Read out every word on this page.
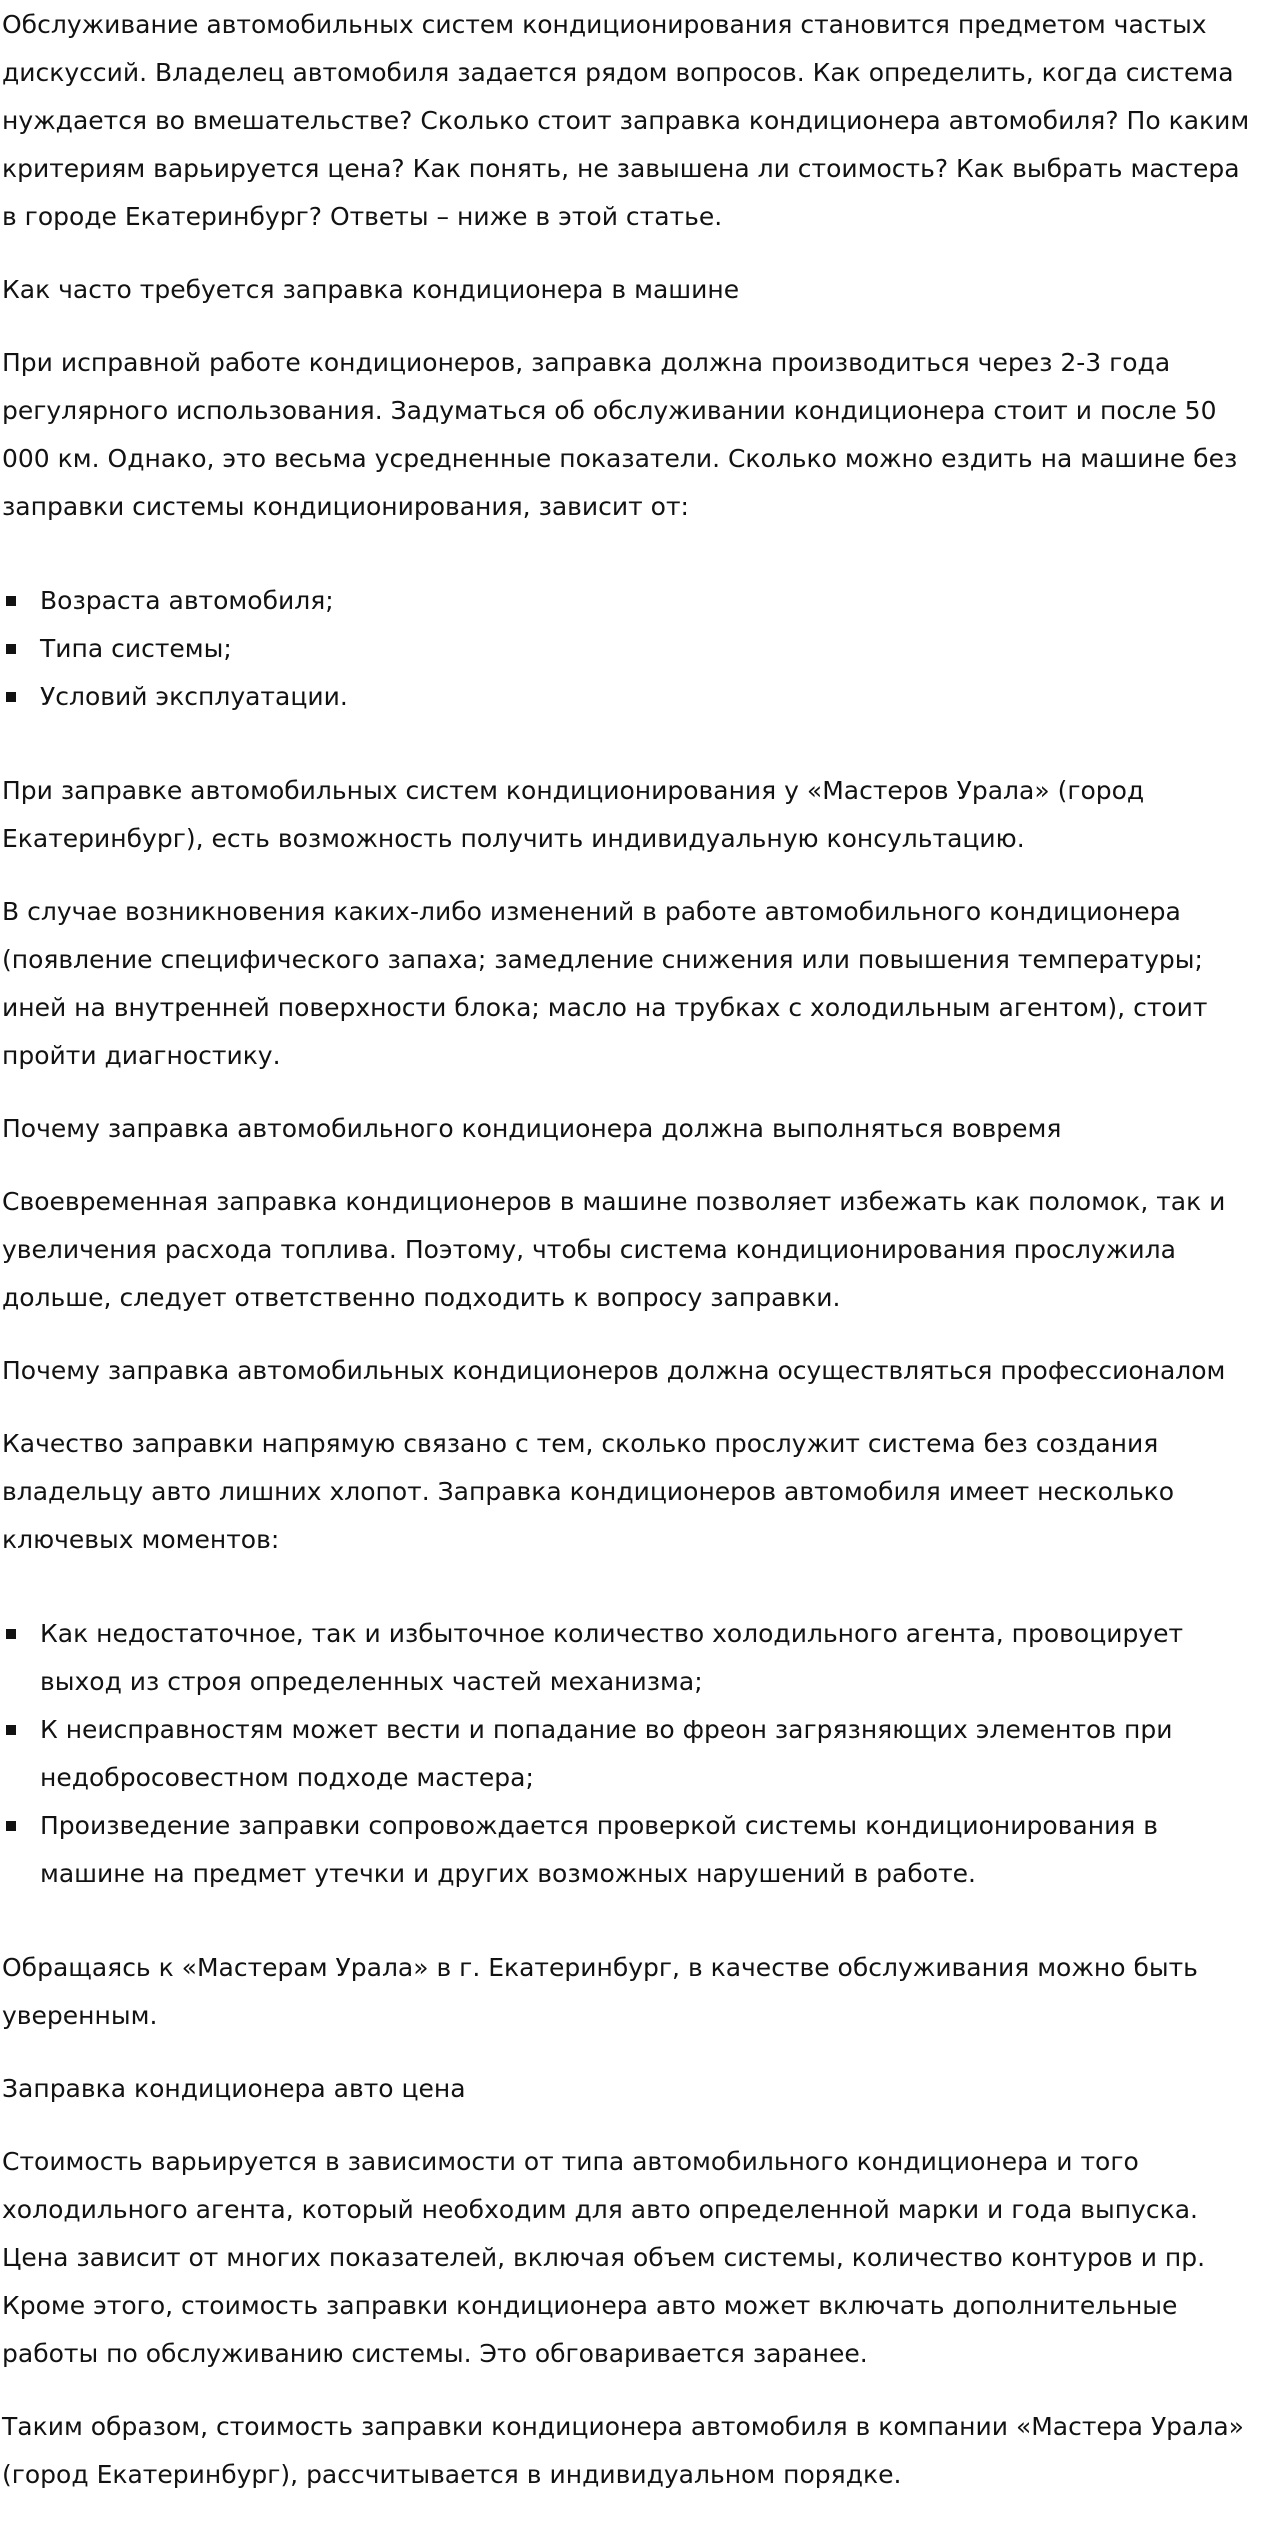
Обслуживание автомобильных систем кондиционирования становится предметом частых дискуссий. Владелец автомобиля задается рядом вопросов. Как определить, когда система нуждается во вмешательстве? Сколько стоит заправка кондиционера автомобиля? По каким критериям варьируется цена? Как понять, не завышена ли стоимость? Как выбрать мастера в городе Екатеринбург? Ответы – ниже в этой статье.

Как часто требуется заправка кондиционера в машине

При исправной работе кондиционеров, заправка должна производиться через 2-3 года регулярного использования. Задуматься об обслуживании кондиционера стоит и после 50 000 км. Однако, это весьма усредненные показатели. Сколько можно ездить на машине без заправки системы кондиционирования, зависит от:

Возраста автомобиля;
Типа системы;
Условий эксплуатации.

При заправке автомобильных систем кондиционирования у «Мастеров Урала» (город Екатеринбург), есть возможность получить индивидуальную консультацию.

В случае возникновения каких-либо изменений в работе автомобильного кондиционера (появление специфического запаха; замедление снижения или повышения температуры; иней на внутренней поверхности блока; масло на трубках с холодильным агентом), стоит пройти диагностику.

Почему заправка автомобильного кондиционера должна выполняться вовремя

Своевременная заправка кондиционеров в машине позволяет избежать как поломок, так и увеличения расхода топлива. Поэтому, чтобы система кондиционирования прослужила дольше, следует ответственно подходить к вопросу заправки.

Почему заправка автомобильных кондиционеров должна осуществляться профессионалом

Качество заправки напрямую связано с тем, сколько прослужит система без создания владельцу авто лишних хлопот. Заправка кондиционеров автомобиля имеет несколько ключевых моментов:

Как недостаточное, так и избыточное количество холодильного агента, провоцирует выход из строя определенных частей механизма;
К неисправностям может вести и попадание во фреон загрязняющих элементов при недобросовестном подходе мастера;
Произведение заправки сопровождается проверкой системы кондиционирования в машине на предмет утечки и других возможных нарушений в работе.

Обращаясь к «Мастерам Урала» в г. Екатеринбург, в качестве обслуживания можно быть уверенным.

Заправка кондиционера авто цена

Стоимость варьируется в зависимости от типа автомобильного кондиционера и того холодильного агента, который необходим для авто определенной марки и года выпуска. Цена зависит от многих показателей, включая объем системы, количество контуров и пр. Кроме этого, стоимость заправки кондиционера авто может включать дополнительные работы по обслуживанию системы. Это обговаривается заранее.

Таким образом, стоимость заправки кондиционера автомобиля в компании «Мастера Урала» (город Екатеринбург), рассчитывается в индивидуальном порядке.
